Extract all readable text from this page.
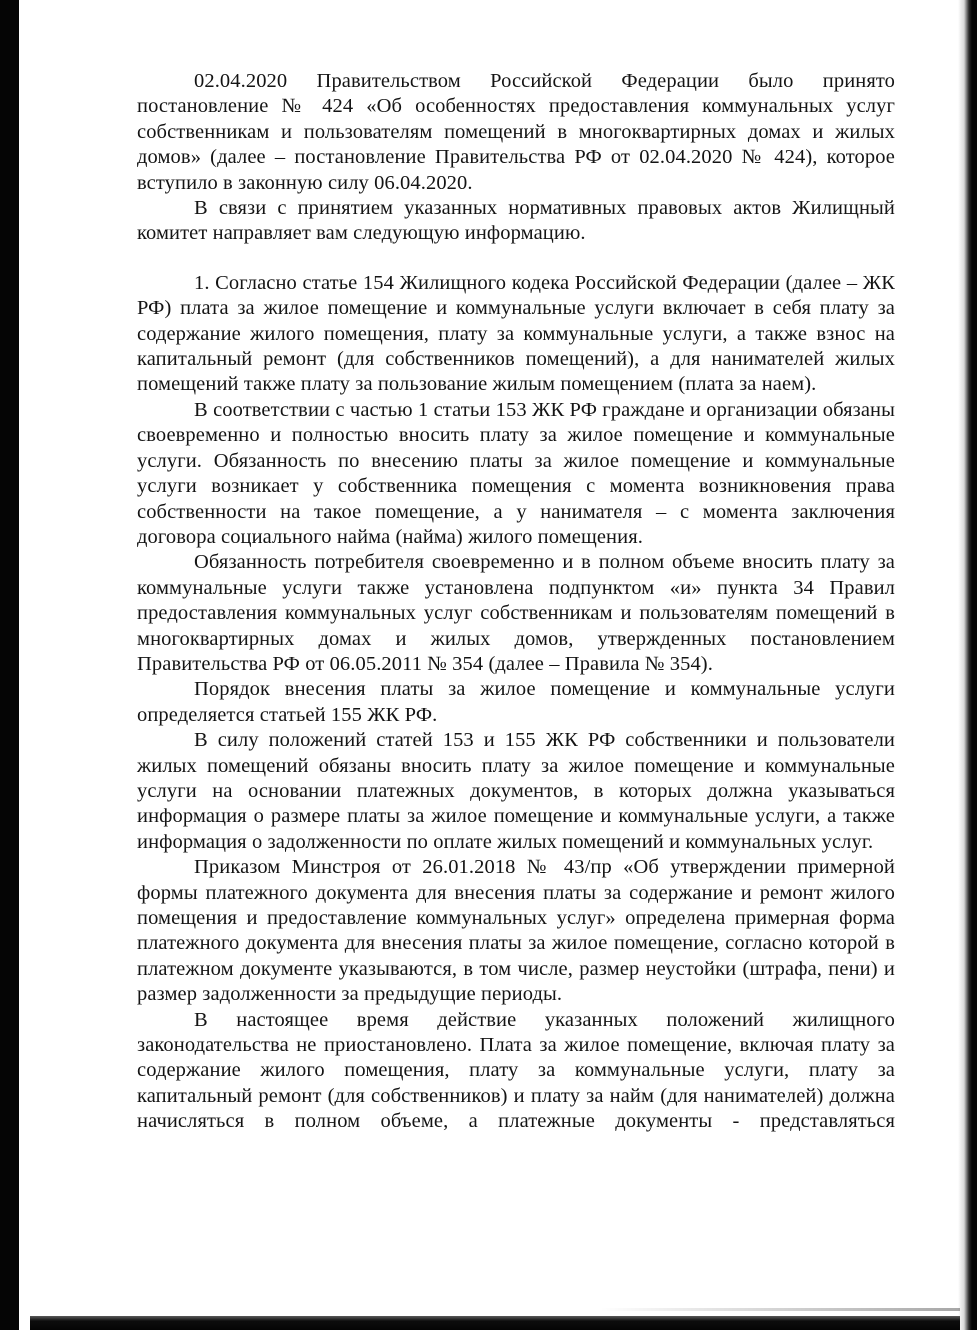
02.04.2020 Правительством Российской Федерации было принято постановление № 424 «Об особенностях предоставления коммунальных услуг собственникам и пользователям помещений в многоквартирных домах и жилых домов» (далее – постановление Правительства РФ от 02.04.2020 № 424), которое вступило в законную силу 06.04.2020.

В связи с принятием указанных нормативных правовых актов Жилищный комитет направляет вам следующую информацию.

1. Согласно статье 154 Жилищного кодека Российской Федерации (далее – ЖК РФ) плата за жилое помещение и коммунальные услуги включает в себя плату за содержание жилого помещения, плату за коммунальные услуги, а также взнос на капитальный ремонт (для собственников помещений), а для нанимателей жилых помещений также плату за пользование жилым помещением (плата за наем).

В соответствии с частью 1 статьи 153 ЖК РФ граждане и организации обязаны своевременно и полностью вносить плату за жилое помещение и коммунальные услуги. Обязанность по внесению платы за жилое помещение и коммунальные услуги возникает у собственника помещения с момента возникновения права собственности на такое помещение, а у нанимателя – с момента заключения договора социального найма (найма) жилого помещения.

Обязанность потребителя своевременно и в полном объеме вносить плату за коммунальные услуги также установлена подпунктом «и» пункта 34 Правил предоставления коммунальных услуг собственникам и пользователям помещений в многоквартирных домах и жилых домов, утвержденных постановлением Правительства РФ от 06.05.2011 № 354 (далее – Правила № 354).

Порядок внесения платы за жилое помещение и коммунальные услуги определяется статьей 155 ЖК РФ.

В силу положений статей 153 и 155 ЖК РФ собственники и пользователи жилых помещений обязаны вносить плату за жилое помещение и коммунальные услуги на основании платежных документов, в которых должна указываться информация о размере платы за жилое помещение и коммунальные услуги, а также информация о задолженности по оплате жилых помещений и коммунальных услуг.

Приказом Минстроя от 26.01.2018 № 43/пр «Об утверждении примерной формы платежного документа для внесения платы за содержание и ремонт жилого помещения и предоставление коммунальных услуг» определена примерная форма платежного документа для внесения платы за жилое помещение, согласно которой в платежном документе указываются, в том числе, размер неустойки (штрафа, пени) и размер задолженности за предыдущие периоды.

В настоящее время действие указанных положений жилищного законодательства не приостановлено. Плата за жилое помещение, включая плату за содержание жилого помещения, плату за коммунальные услуги, плату за капитальный ремонт (для собственников) и плату за найм (для нанимателей) должна начисляться в полном объеме, а платежные документы - представляться
